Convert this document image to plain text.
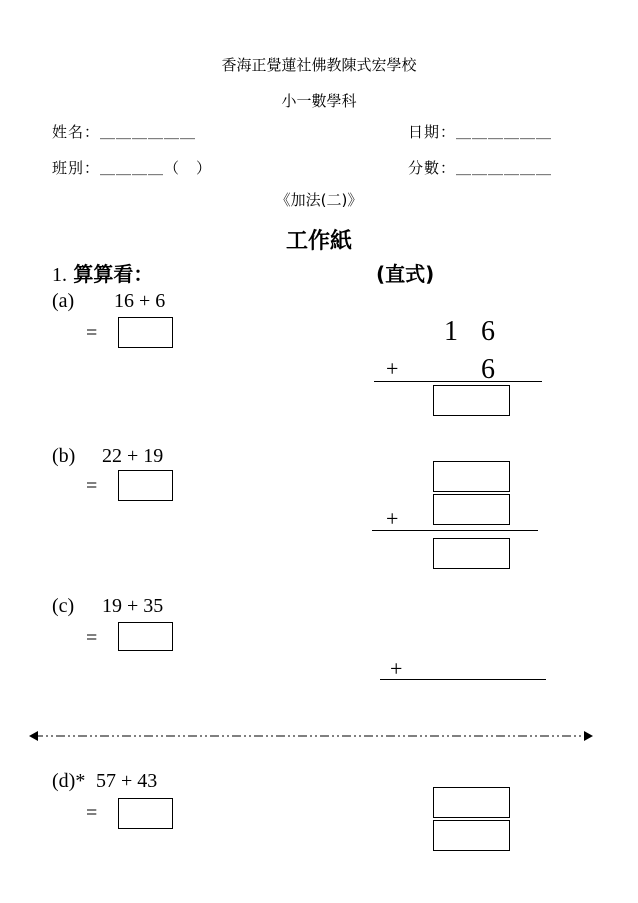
香海正覺蓮社佛教陳式宏學校
小一數學科
姓名：＿＿＿＿＿＿	日期：＿＿＿＿＿＿
班別：＿＿＿＿（　）	分數：＿＿＿＿＿＿
《加法(二)》
工作紙
1. 算算看：	(直式)
(a) 16 + 6
=	1 6
+	6
(b) 22 + 19
=
+
(c) 19 + 35
=
+
(d)* 57 + 43
=
